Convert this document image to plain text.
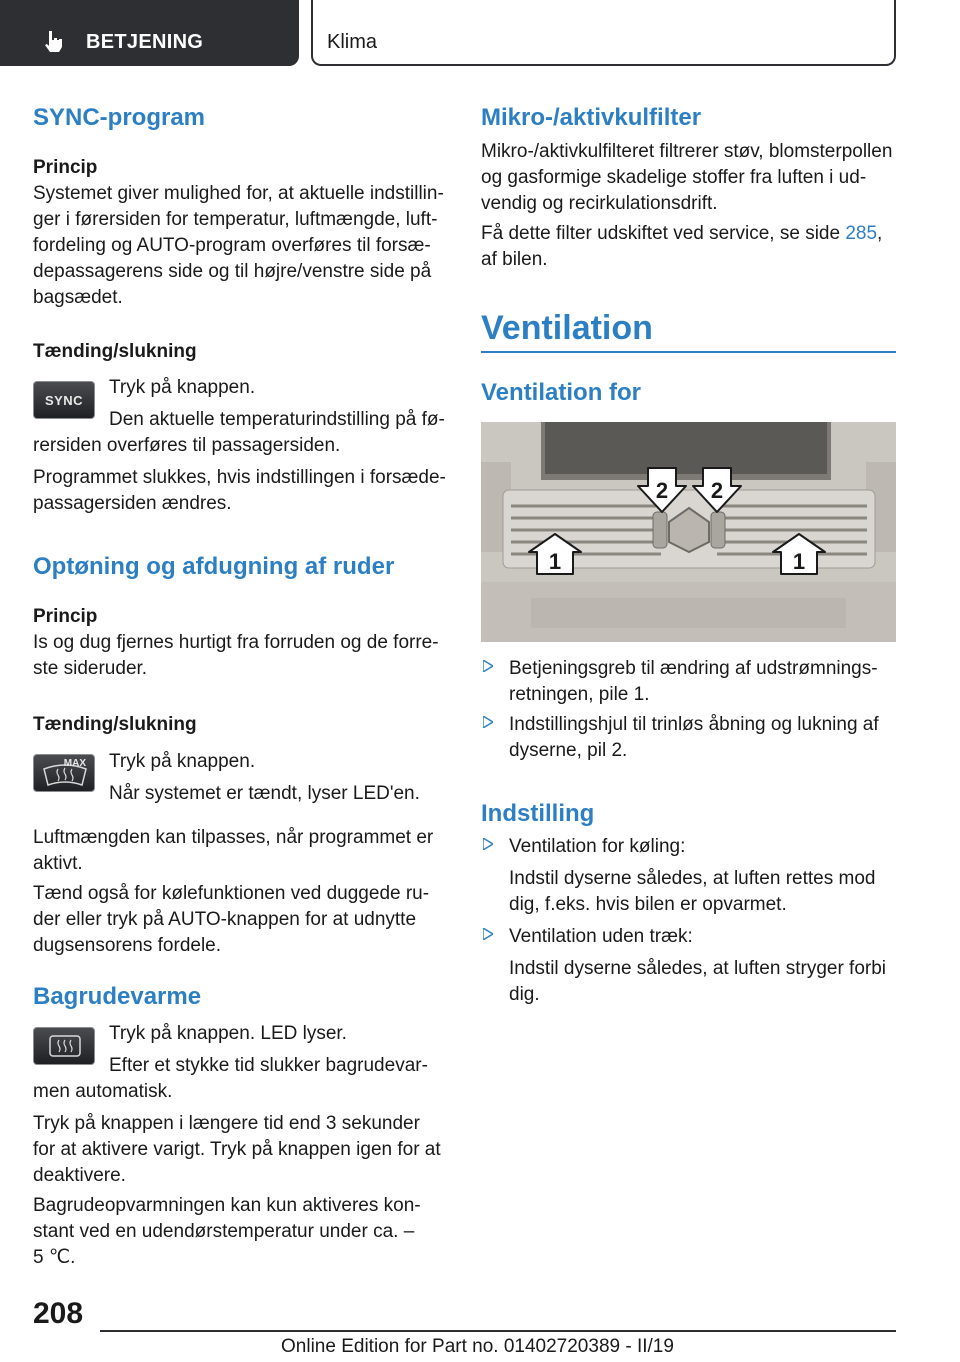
BETJENING	Klima
SYNC-program
Princip
Systemet giver mulighed for, at aktuelle indstillin-
ger i førersiden for temperatur, luftmængde, luft-
fordeling og AUTO-program overføres til forsæ-
depassagerens side og til højre/venstre side på
bagsædet.
Tænding/slukning
SYNC
Tryk på knappen.
Den aktuelle temperaturindstilling på fø-
rersiden overføres til passagersiden.
Programmet slukkes, hvis indstillingen i forsæde-
passagersiden ændres.
Optøning og afdugning af ruder
Princip
Is og dug fjernes hurtigt fra forruden og de forre-
ste sideruder.
Tænding/slukning
MAX Tryk på knappen.
Når systemet er tændt, lyser LED'en.
Luftmængden kan tilpasses, når programmet er
aktivt.
Tænd også for kølefunktionen ved duggede ru-
der eller tryk på AUTO-knappen for at udnytte
dugsensorens fordele.
Bagrudevarme
Tryk på knappen. LED lyser.
Efter et stykke tid slukker bagrudevar-
men automatisk.
Tryk på knappen i længere tid end 3 sekunder
for at aktivere varigt. Tryk på knappen igen for at
deaktivere.
Bagrudeopvarmningen kan kun aktiveres kon-
stant ved en udendørstemperatur under ca. –
5 ℃.
Mikro-/aktivkulfilter
Mikro-/aktivkulfilteret filtrerer støv, blomsterpollen
og gasformige skadelige stoffer fra luften i ud-
vendig og recirkulationsdrift.
Få dette filter udskiftet ved service, se side 285,
af bilen.
Ventilation
Ventilation for
2 2
1	1
Betjeningsgreb til ændring af udstrømnings-
retningen, pile 1.
Indstillingshjul til trinløs åbning og lukning af
dyserne, pil 2.
Indstilling
Ventilation for køling:
Indstil dyserne således, at luften rettes mod
dig, f.eks. hvis bilen er opvarmet.
Ventilation uden træk:
Indstil dyserne således, at luften stryger forbi
dig.
208
Online Edition for Part no. 01402720389 - II/19
